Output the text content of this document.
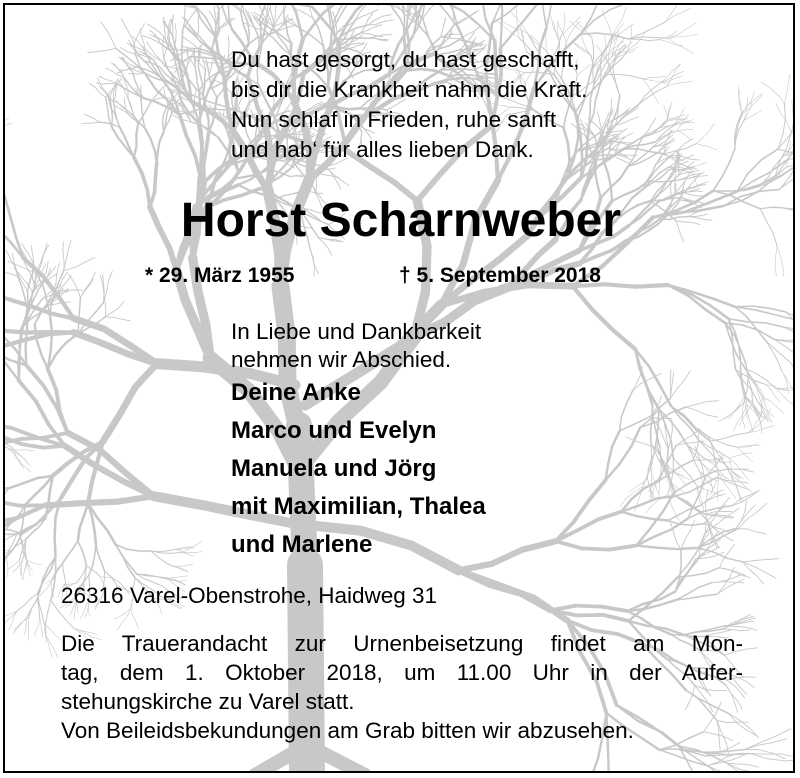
Du hast gesorgt, du hast geschafft,
bis dir die Krankheit nahm die Kraft.
Nun schlaf in Frieden, ruhe sanft
und hab‘ für alles lieben Dank.
Horst Scharnweber
* 29. März 1955	† 5. September 2018
In Liebe und Dankbarkeit
nehmen wir Abschied.
Deine Anke
Marco und Evelyn
Manuela und Jörg
mit Maximilian, Thalea
und Marlene
26316 Varel-Obenstrohe, Haidweg 31
Die Trauerandacht zur Urnenbeisetzung findet am Mon-
tag, dem 1. Oktober 2018, um 11.00 Uhr in der Aufer-
stehungskirche zu Varel statt.
Von Beileidsbekundungen am Grab bitten wir abzusehen.
